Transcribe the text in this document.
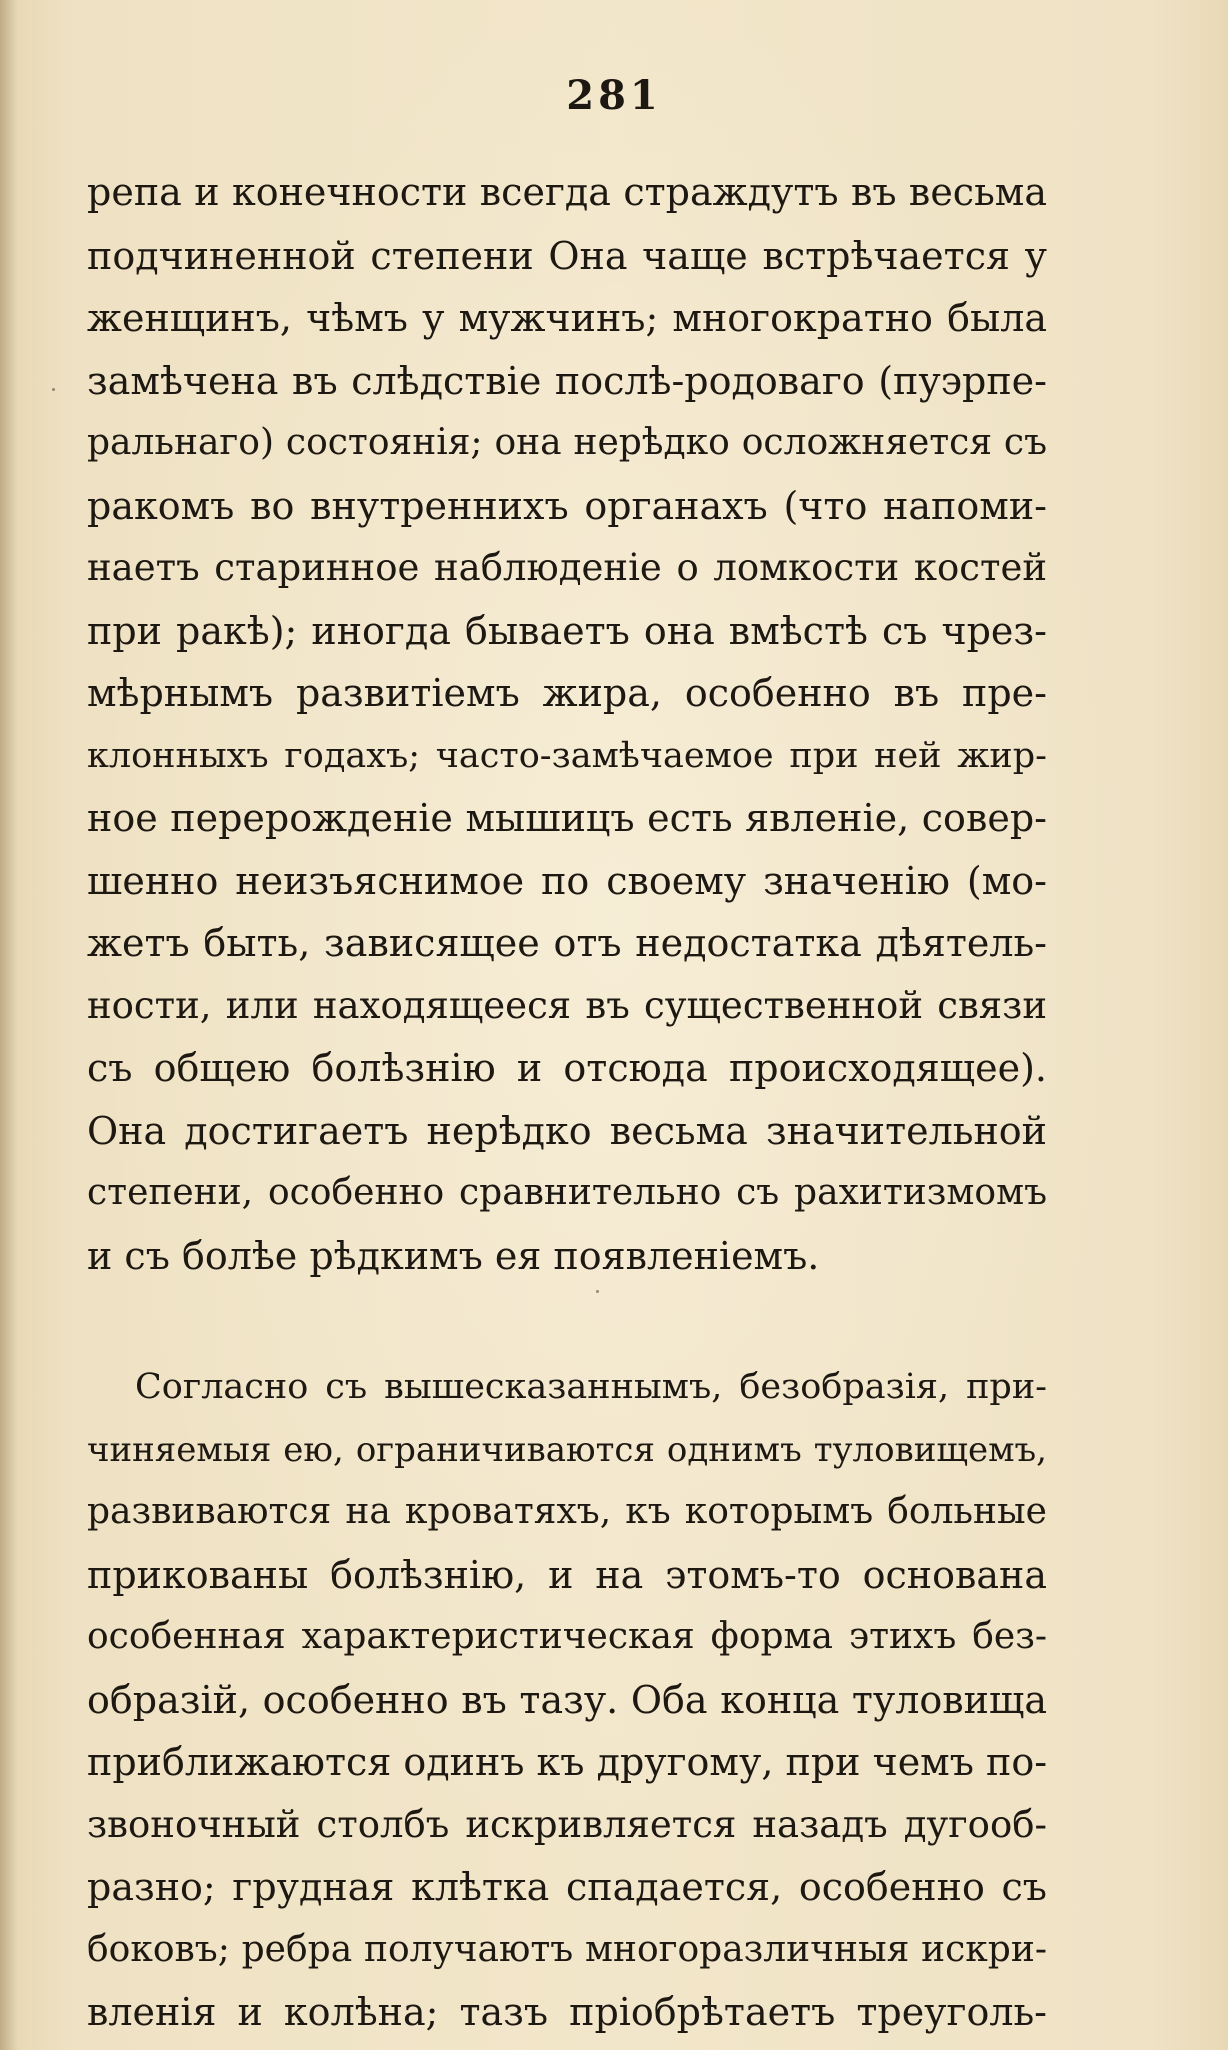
281
репа и конечности всегда страждутъ въ весьма
подчиненной степени Она чаще встрѣчается у
женщинъ, чѣмъ у мужчинъ; многократно была
замѣчена въ слѣдствіе послѣ-родоваго (пуэрпе-
ральнаго) состоянія; она нерѣдко осложняется съ
ракомъ во внутреннихъ органахъ (что напоми-
наетъ старинное наблюденіе о ломкости костей
при ракѣ); иногда бываетъ она вмѣстѣ съ чрез-
мѣрнымъ развитіемъ жира, особенно въ пре-
клонныхъ годахъ; часто-замѣчаемое при ней жир-
ное перерожденіе мышицъ есть явленіе, совер-
шенно неизъяснимое по своему значенію (мо-
жетъ быть, зависящее отъ недостатка дѣятель-
ности, или находящееся въ существенной связи
съ общею болѣзнію и отсюда происходящее).
Она достигаетъ нерѣдко весьма значительной
степени, особенно сравнительно съ рахитизмомъ
и съ болѣе рѣдкимъ ея появленіемъ.
Согласно съ вышесказаннымъ, безобразія, при-
чиняемыя ею, ограничиваются однимъ туловищемъ,
развиваются на кроватяхъ, къ которымъ больные
прикованы болѣзнію, и на этомъ-то основана
особенная характеристическая форма этихъ без-
образій, особенно въ тазу. Оба конца туловища
приближаются одинъ къ другому, при чемъ по-
звоночный столбъ искривляется назадъ дугооб-
разно; грудная клѣтка спадается, особенно съ
боковъ; ребра получаютъ многоразличныя искри-
вленія и колѣна; тазъ пріобрѣтаетъ треуголь-
